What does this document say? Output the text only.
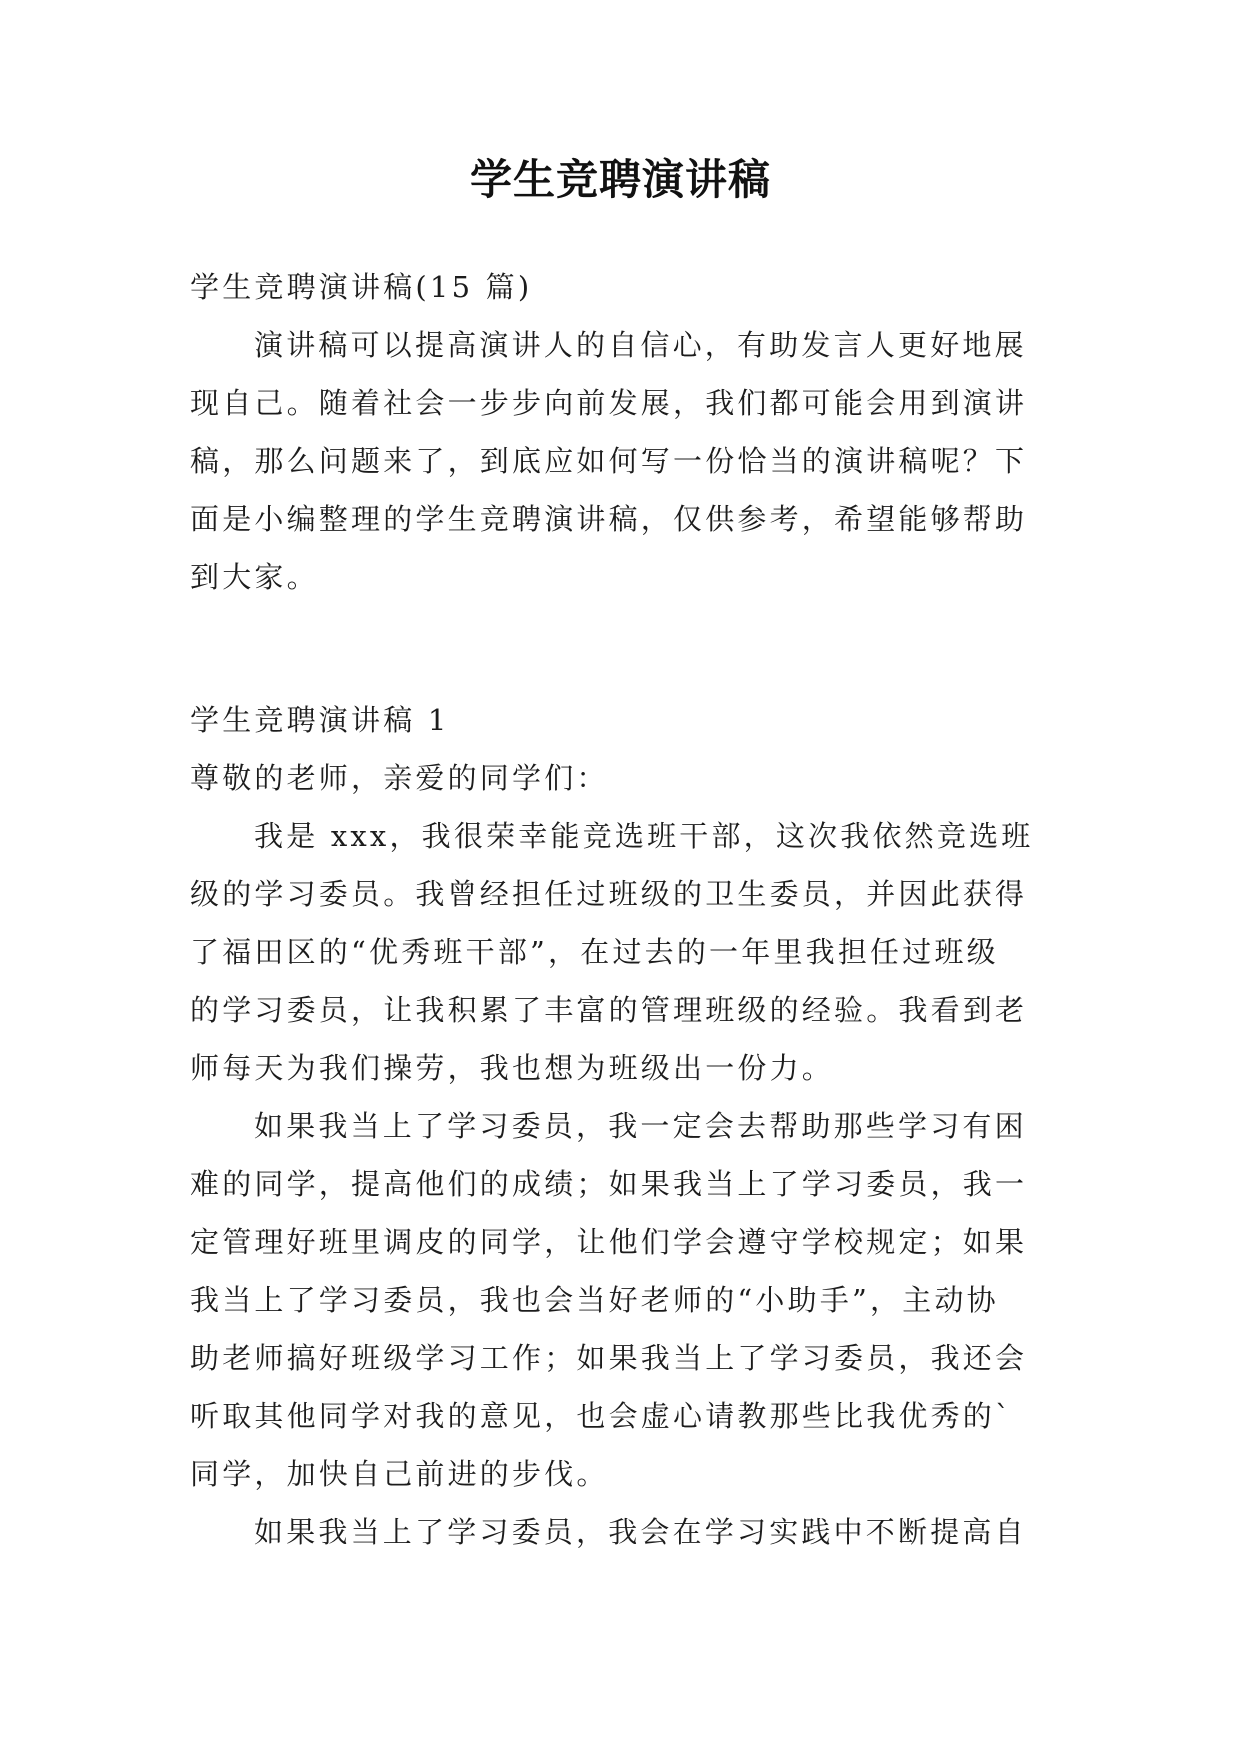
学生竞聘演讲稿
学生竞聘演讲稿(15 篇)
演讲稿可以提高演讲人的自信心，有助发言人更好地展
现自己。随着社会一步步向前发展，我们都可能会用到演讲
稿，那么问题来了，到底应如何写一份恰当的演讲稿呢？下
面是小编整理的学生竞聘演讲稿，仅供参考，希望能够帮助
到大家。
学生竞聘演讲稿 1
尊敬的老师，亲爱的同学们：
我是 xxx，我很荣幸能竞选班干部，这次我依然竞选班
级的学习委员。我曾经担任过班级的卫生委员，并因此获得
了福田区的“优秀班干部”，在过去的一年里我担任过班级
的学习委员，让我积累了丰富的管理班级的经验。我看到老
师每天为我们操劳，我也想为班级出一份力。
如果我当上了学习委员，我一定会去帮助那些学习有困
难的同学，提高他们的成绩；如果我当上了学习委员，我一
定管理好班里调皮的同学，让他们学会遵守学校规定；如果
我当上了学习委员，我也会当好老师的“小助手”，主动协
助老师搞好班级学习工作；如果我当上了学习委员，我还会
听取其他同学对我的意见，也会虚心请教那些比我优秀的`
同学，加快自己前进的步伐。
如果我当上了学习委员，我会在学习实践中不断提高自
